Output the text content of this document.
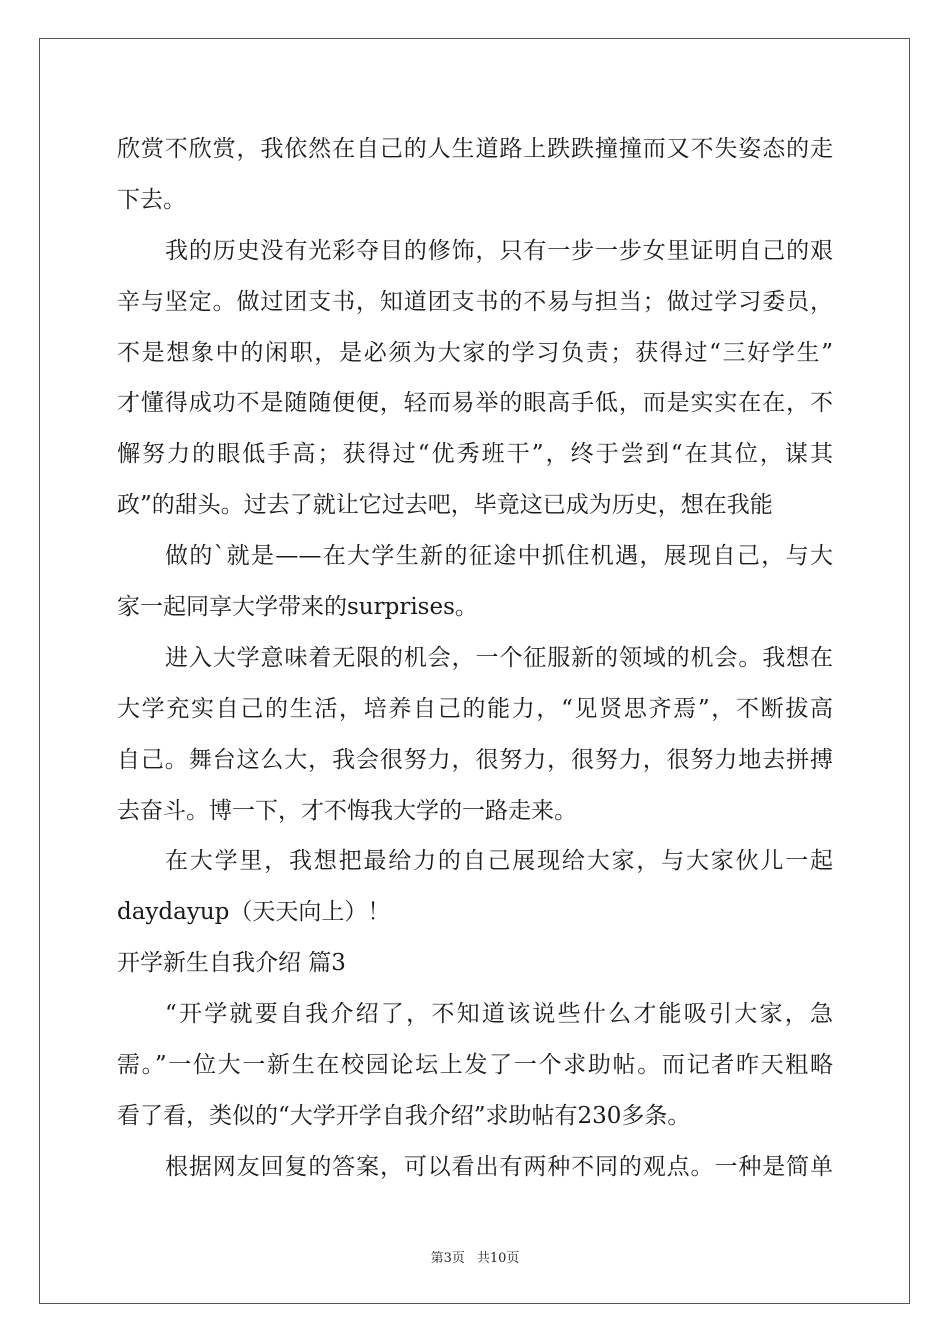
欣赏不欣赏，我依然在自己的人生道路上跌跌撞撞而又不失姿态的走
下去。
我的历史没有光彩夺目的修饰，只有一步一步女里证明自己的艰
辛与坚定。做过团支书，知道团支书的不易与担当；做过学习委员，
不是想象中的闲职，是必须为大家的学习负责；获得过“三好学生”
才懂得成功不是随随便便，轻而易举的眼高手低，而是实实在在，不
懈努力的眼低手高；获得过“优秀班干”，终于尝到“在其位，谋其
政”的甜头。过去了就让它过去吧，毕竟这已成为历史，想在我能
做的`就是——在大学生新的征途中抓住机遇，展现自己，与大
家一起同享大学带来的surprises。
进入大学意味着无限的机会，一个征服新的领域的机会。我想在
大学充实自己的生活，培养自己的能力，“见贤思齐焉”，不断拔高
自己。舞台这么大，我会很努力，很努力，很努力，很努力地去拼搏
去奋斗。博一下，才不悔我大学的一路走来。
在大学里，我想把最给力的自己展现给大家，与大家伙儿一起
daydayup（天天向上）！
开学新生自我介绍 篇3
“开学就要自我介绍了，不知道该说些什么才能吸引大家，急
需。”一位大一新生在校园论坛上发了一个求助帖。而记者昨天粗略
看了看，类似的“大学开学自我介绍”求助帖有230多条。
根据网友回复的答案，可以看出有两种不同的观点。一种是简单
第3页 共10页
